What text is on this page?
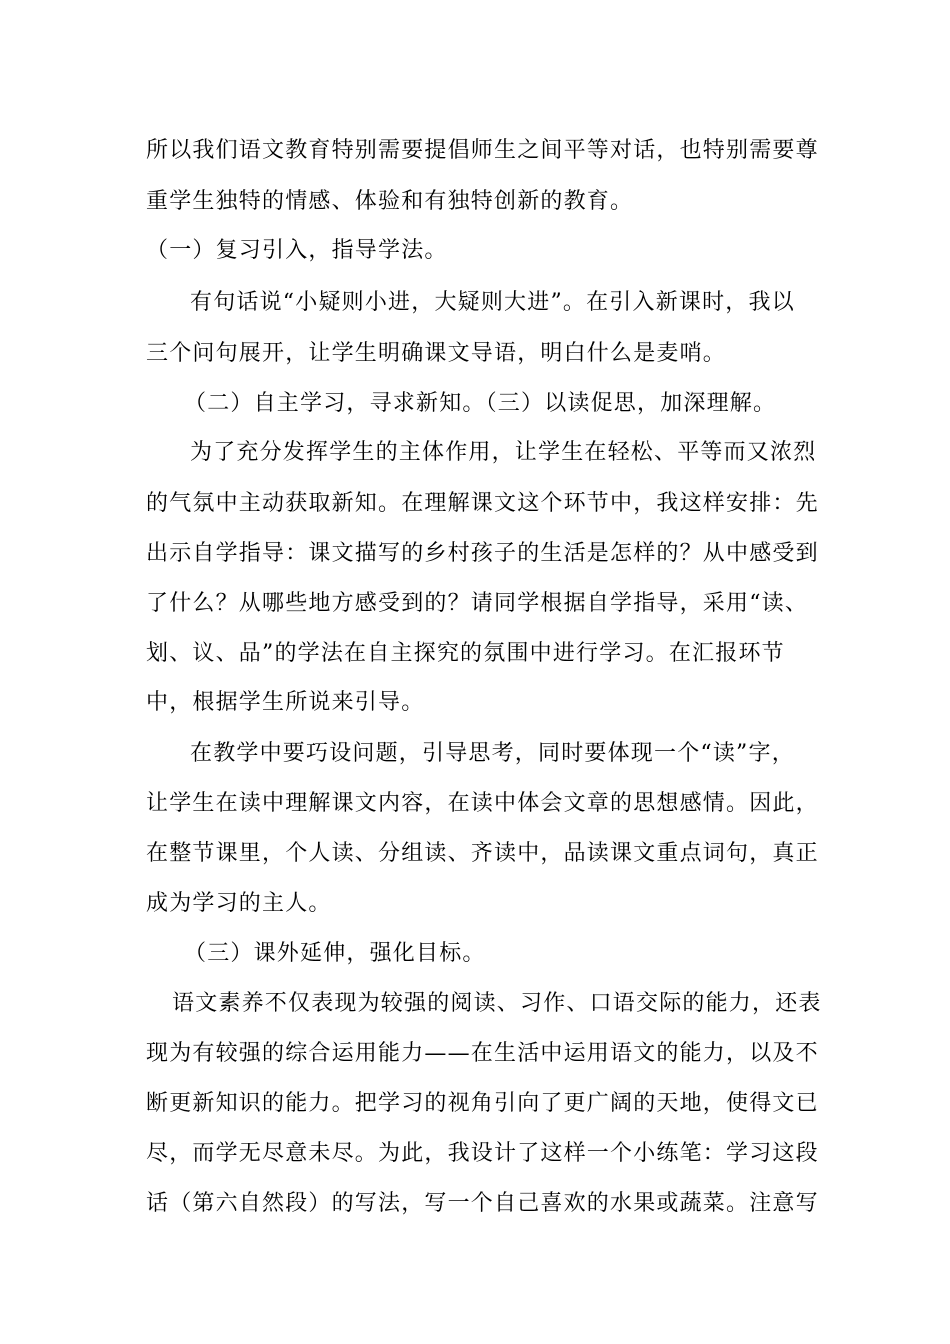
所以我们语文教育特别需要提倡师生之间平等对话，也特别需要尊
重学生独特的情感、体验和有独特创新的教育。
（一）复习引入，指导学法。
有句话说“小疑则小进，大疑则大进”。在引入新课时，我以
三个问句展开，让学生明确课文导语，明白什么是麦哨。
（二）自主学习，寻求新知。（三）以读促思，加深理解。
为了充分发挥学生的主体作用，让学生在轻松、平等而又浓烈
的气氛中主动获取新知。在理解课文这个环节中，我这样安排：先
出示自学指导：课文描写的乡村孩子的生活是怎样的？从中感受到
了什么？从哪些地方感受到的？请同学根据自学指导，采用“读、
划、议、品”的学法在自主探究的氛围中进行学习。在汇报环节
中，根据学生所说来引导。
在教学中要巧设问题，引导思考，同时要体现一个“读”字，
让学生在读中理解课文内容，在读中体会文章的思想感情。因此，
在整节课里，个人读、分组读、齐读中，品读课文重点词句，真正
成为学习的主人。
（三）课外延伸，强化目标。
语文素养不仅表现为较强的阅读、习作、口语交际的能力，还表
现为有较强的综合运用能力——在生活中运用语文的能力，以及不
断更新知识的能力。把学习的视角引向了更广阔的天地，使得文已
尽，而学无尽意未尽。为此，我设计了这样一个小练笔：学习这段
话（第六自然段）的写法，写一个自己喜欢的水果或蔬菜。注意写
